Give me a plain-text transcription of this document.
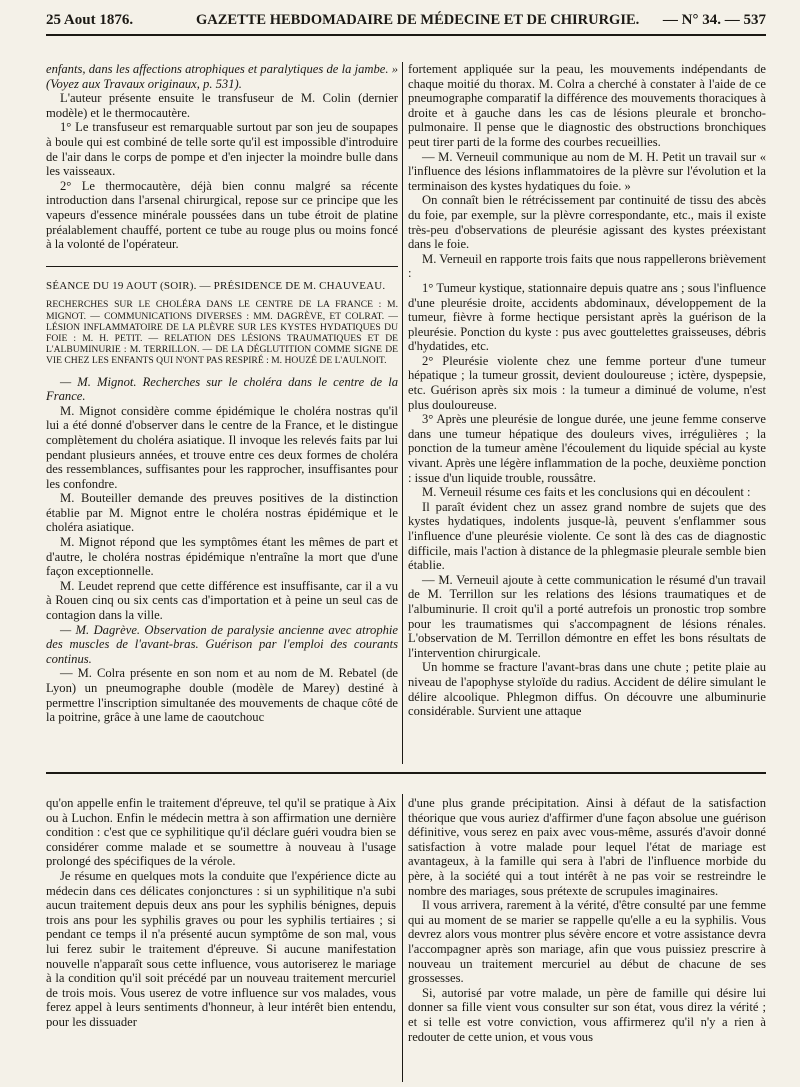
25 Aout 1876.	GAZETTE HEBDOMADAIRE DE MÉDECINE ET DE CHIRURGIE. — N° 34. — 537

enfants, dans les affections atrophiques et paralytiques de la jambe. » (Voyez aux Travaux originaux, p. 531).

L'auteur présente ensuite le transfuseur de M. Colin (dernier modèle) et le thermocautère.

1° Le transfuseur est remarquable surtout par son jeu de soupapes à boule qui est combiné de telle sorte qu'il est impossible d'introduire de l'air dans le corps de pompe et d'en injecter la moindre bulle dans les vaisseaux.

2° Le thermocautère, déjà bien connu malgré sa récente introduction dans l'arsenal chirurgical, repose sur ce principe que les vapeurs d'essence minérale poussées dans un tube étroit de platine préalablement chauffé, portent ce tube au rouge plus ou moins foncé à la volonté de l'opérateur.

SÉANCE DU 19 AOUT (SOIR). — PRÉSIDENCE DE M. CHAUVEAU.

RECHERCHES SUR LE CHOLÉRA DANS LE CENTRE DE LA FRANCE : M. MIGNOT. — COMMUNICATIONS DIVERSES : MM. DAGRÈVE, ET COLRAT. — LÉSION INFLAMMATOIRE DE LA PLÈVRE SUR LES KYSTES HYDATIQUES DU FOIE : M. H. PETIT. — RELATION DES LÉSIONS TRAUMATIQUES ET DE L'ALBUMINURIE : M. TERRILLON. — DE LA DÉGLUTITION COMME SIGNE DE VIE CHEZ LES ENFANTS QUI N'ONT PAS RESPIRÉ : M. HOUZÉ DE L'AULNOIT.

— M. Mignot. Recherches sur le choléra dans le centre de la France.

M. Mignot considère comme épidémique le choléra nostras qu'il lui a été donné d'observer dans le centre de la France, et le distingue complètement du choléra asiatique. Il invoque les relevés faits par lui pendant plusieurs années, et trouve entre ces deux formes de choléra des ressemblances, suffisantes pour les rapprocher, insuffisantes pour les confondre.

M. Bouteiller demande des preuves positives de la distinction établie par M. Mignot entre le choléra nostras épidémique et le choléra asiatique.

M. Mignot répond que les symptômes étant les mêmes de part et d'autre, le choléra nostras épidémique n'entraîne la mort que d'une façon exceptionnelle.

M. Leudet reprend que cette différence est insuffisante, car il a vu à Rouen cinq ou six cents cas d'importation et à peine un seul cas de contagion dans la ville.

— M. Dagrève. Observation de paralysie ancienne avec atrophie des muscles de l'avant-bras. Guérison par l'emploi des courants continus.

— M. Colra présente en son nom et au nom de M. Rebatel (de Lyon) un pneumographe double (modèle de Marey) destiné à permettre l'inscription simultanée des mouvements de chaque côté de la poitrine, grâce à une lame de caoutchouc

fortement appliquée sur la peau, les mouvements indépendants de chaque moitié du thorax. M. Colra a cherché à constater à l'aide de ce pneumographe comparatif la différence des mouvements thoraciques à droite et à gauche dans les cas de lésions pleurale et broncho-pulmonaire. Il pense que le diagnostic des obstructions bronchiques peut tirer parti de la forme des courbes recueillies.

— M. Verneuil communique au nom de M. H. Petit un travail sur « l'influence des lésions inflammatoires de la plèvre sur l'évolution et la terminaison des kystes hydatiques du foie. »

On connaît bien le rétrécissement par continuité de tissu des abcès du foie, par exemple, sur la plèvre correspondante, etc., mais il existe très-peu d'observations de pleurésie agissant des kystes préexistant dans le foie.

M. Verneuil en rapporte trois faits que nous rappellerons brièvement :

1° Tumeur kystique, stationnaire depuis quatre ans ; sous l'influence d'une pleurésie droite, accidents abdominaux, développement de la tumeur, fièvre à forme hectique persistant après la guérison de la pleurésie. Ponction du kyste : pus avec gouttelettes graisseuses, débris d'hydatides, etc.

2° Pleurésie violente chez une femme porteur d'une tumeur hépatique ; la tumeur grossit, devient douloureuse ; ictère, dyspepsie, etc. Guérison après six mois : la tumeur a diminué de volume, n'est plus douloureuse.

3° Après une pleurésie de longue durée, une jeune femme conserve dans une tumeur hépatique des douleurs vives, irrégulières ; la ponction de la tumeur amène l'écoulement du liquide spécial au kyste vivant. Après une légère inflammation de la poche, deuxième ponction : issue d'un liquide trouble, roussâtre.

M. Verneuil résume ces faits et les conclusions qui en découlent :

Il paraît évident chez un assez grand nombre de sujets que des kystes hydatiques, indolents jusque-là, peuvent s'enflammer sous l'influence d'une pleurésie violente. Ce sont là des cas de diagnostic difficile, mais l'action à distance de la phlegmasie pleurale semble bien établie.

— M. Verneuil ajoute à cette communication le résumé d'un travail de M. Terrillon sur les relations des lésions traumatiques et de l'albuminurie. Il croit qu'il a porté autrefois un pronostic trop sombre pour les traumatismes qui s'accompagnent de lésions rénales. L'observation de M. Terrillon démontre en effet les bons résultats de l'intervention chirurgicale.

Un homme se fracture l'avant-bras dans une chute ; petite plaie au niveau de l'apophyse styloïde du radius. Accident de délire simulant le délire alcoolique. Phlegmon diffus. On découvre une albuminurie considérable. Survient une attaque

qu'on appelle enfin le traitement d'épreuve, tel qu'il se pratique à Aix ou à Luchon. Enfin le médecin mettra à son affirmation une dernière condition : c'est que ce syphilitique qu'il déclare guéri voudra bien se considérer comme malade et se soumettre à nouveau à l'usage prolongé des spécifiques de la vérole.

Je résume en quelques mots la conduite que l'expérience dicte au médecin dans ces délicates conjonctures : si un syphilitique n'a subi aucun traitement depuis deux ans pour les syphilis bénignes, depuis trois ans pour les syphilis graves ou pour les syphilis tertiaires ; si pendant ce temps il n'a présenté aucun symptôme de son mal, vous lui ferez subir le traitement d'épreuve. Si aucune manifestation nouvelle n'apparaît sous cette influence, vous autoriserez le mariage à la condition qu'il soit précédé par un nouveau traitement mercuriel de trois mois. Vous userez de votre influence sur vos malades, vous ferez appel à leurs sentiments d'honneur, à leur intérêt bien entendu, pour les dissuader

d'une plus grande précipitation. Ainsi à défaut de la satisfaction théorique que vous auriez d'affirmer d'une façon absolue une guérison définitive, vous serez en paix avec vous-même, assurés d'avoir donné satisfaction à votre malade pour lequel l'état de mariage est avantageux, à la famille qui sera à l'abri de l'influence morbide du père, à la société qui a tout intérêt à ne pas voir se restreindre le nombre des mariages, sous prétexte de scrupules imaginaires.

Il vous arrivera, rarement à la vérité, d'être consulté par une femme qui au moment de se marier se rappelle qu'elle a eu la syphilis. Vous devrez alors vous montrer plus sévère encore et votre assistance devra l'accompagner après son mariage, afin que vous puissiez prescrire à nouveau un traitement mercuriel au début de chacune de ses grossesses.

Si, autorisé par votre malade, un père de famille qui désire lui donner sa fille vient vous consulter sur son état, vous direz la vérité ; et si telle est votre conviction, vous affirmerez qu'il n'y a rien à redouter de cette union, et vous vous
